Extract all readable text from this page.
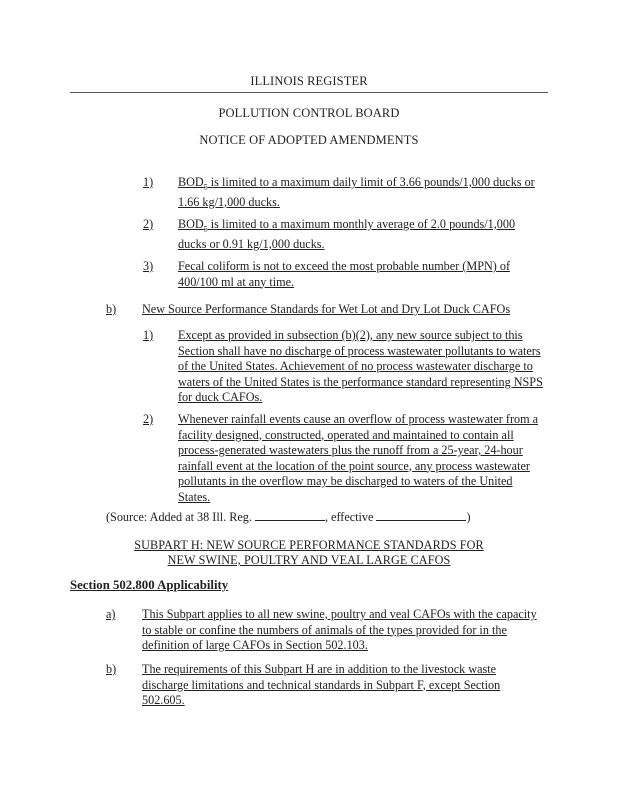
ILLINOIS REGISTER
POLLUTION CONTROL BOARD
NOTICE OF ADOPTED AMENDMENTS
1) $BOD_5$ is limited to a maximum daily limit of 3.66 pounds/1,000 ducks or
1.66 kg/1,000 ducks.
2) $BOD_5$ is limited to a maximum monthly average of 2.0 pounds/1,000
ducks or 0.91 kg/1,000 ducks.
3) Fecal coliform is not to exceed the most probable number (MPN) of
400/100 ml at any time.
b) New Source Performance Standards for Wet Lot and Dry Lot Duck CAFOs
1) Except as provided in subsection (b)(2), any new source subject to this
Section shall have no discharge of process wastewater pollutants to waters
of the United States. Achievement of no process wastewater discharge to
waters of the United States is the performance standard representing NSPS
for duck CAFOs.
2) Whenever rainfall events cause an overflow of process wastewater from a
facility designed, constructed, operated and maintained to contain all
process-generated wastewaters plus the runoff from a 25-year, 24-hour
rainfall event at the location of the point source, any process wastewater
pollutants in the overflow may be discharged to waters of the United
States.
(Source: Added at 38 Ill. Reg.	, effective	)
SUBPART H: NEW SOURCE PERFORMANCE STANDARDS FOR
NEW SWINE, POULTRY AND VEAL LARGE CAFOS
Section 502.800 Applicability
a) This Subpart applies to all new swine, poultry and veal CAFOs with the capacity
to stable or confine the numbers of animals of the types provided for in the
definition of large CAFOs in Section 502.103.
b) The requirements of this Subpart H are in addition to the livestock waste
discharge limitations and technical standards in Subpart F, except Section
502.605.
